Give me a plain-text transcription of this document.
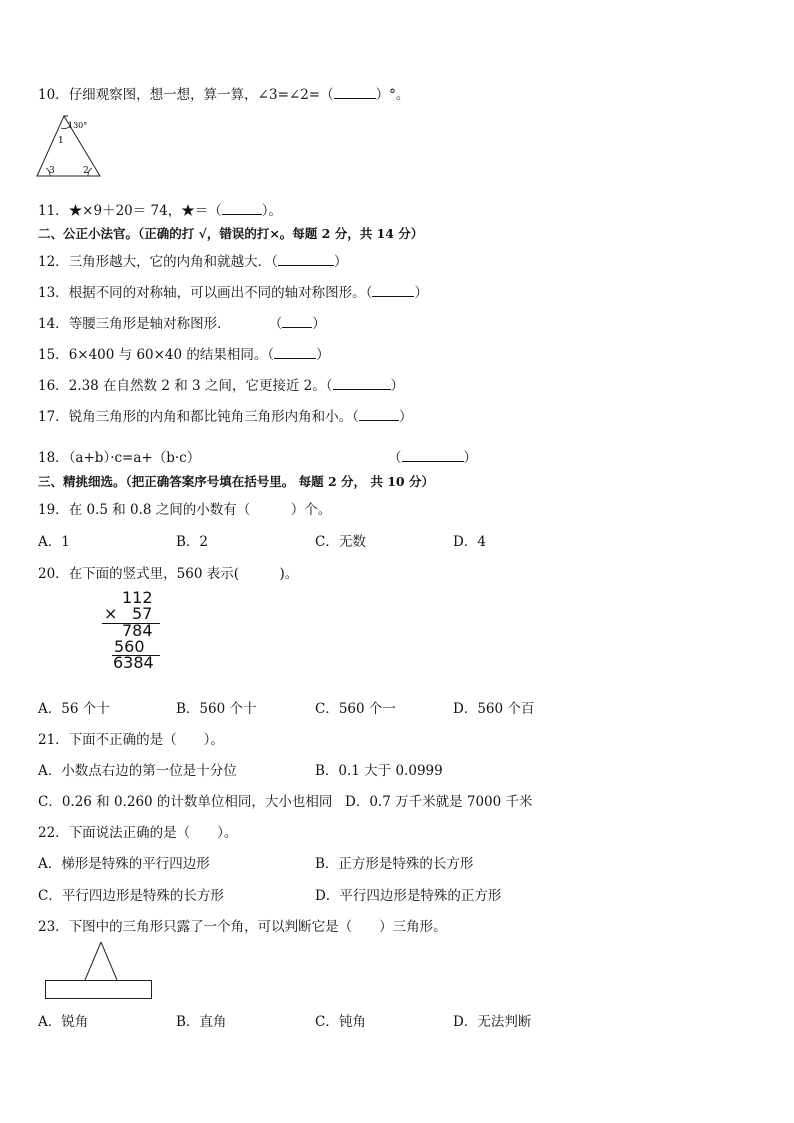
10．仔细观察图，想一想，算一算，∠3=∠2=（	）°。
130°
1
3	2
11．★×9＋20＝ 74，★＝（	）。
二、公正小法官。（正确的打 √，错误的打×。每题 2 分，共 14 分）
12．三角形越大，它的内角和就越大．（	）
13．根据不同的对称轴，可以画出不同的轴对称图形。（	）
14．等腰三角形是轴对称图形．	（ ）
15．6×400 与 60×40 的结果相同。（	）
16．2.38 在自然数 2 和 3 之间，它更接近 2。（	）
17．锐角三角形的内角和都比钝角三角形内角和小。（	）
18．（a+b）·c=a+（b·c）	（	）
三、精挑细选。（把正确答案序号填在括号里。 每题 2 分， 共 10 分）
19．在 0.5 和 0.8 之间的小数有（　　　）个。
A．1	B．2	C．无数	D．4
20．在下面的竖式里，560 表示(　　　)。
112
× 57
784
560
6384
A．56 个十	B．560 个十	C．560 个一	D．560 个百
21．下面不正确的是（　　）。
A．小数点右边的第一位是十分位	B．0.1 大于 0.0999
C．0.26 和 0.260 的计数单位相同，大小也相同 D．0.7 万千米就是 7000 千米
22．下面说法正确的是（　　）。
A．梯形是特殊的平行四边形	B．正方形是特殊的长方形
C．平行四边形是特殊的长方形	D．平行四边形是特殊的正方形
23．下图中的三角形只露了一个角，可以判断它是（　　）三角形。
A．锐角	B．直角	C．钝角	D．无法判断
